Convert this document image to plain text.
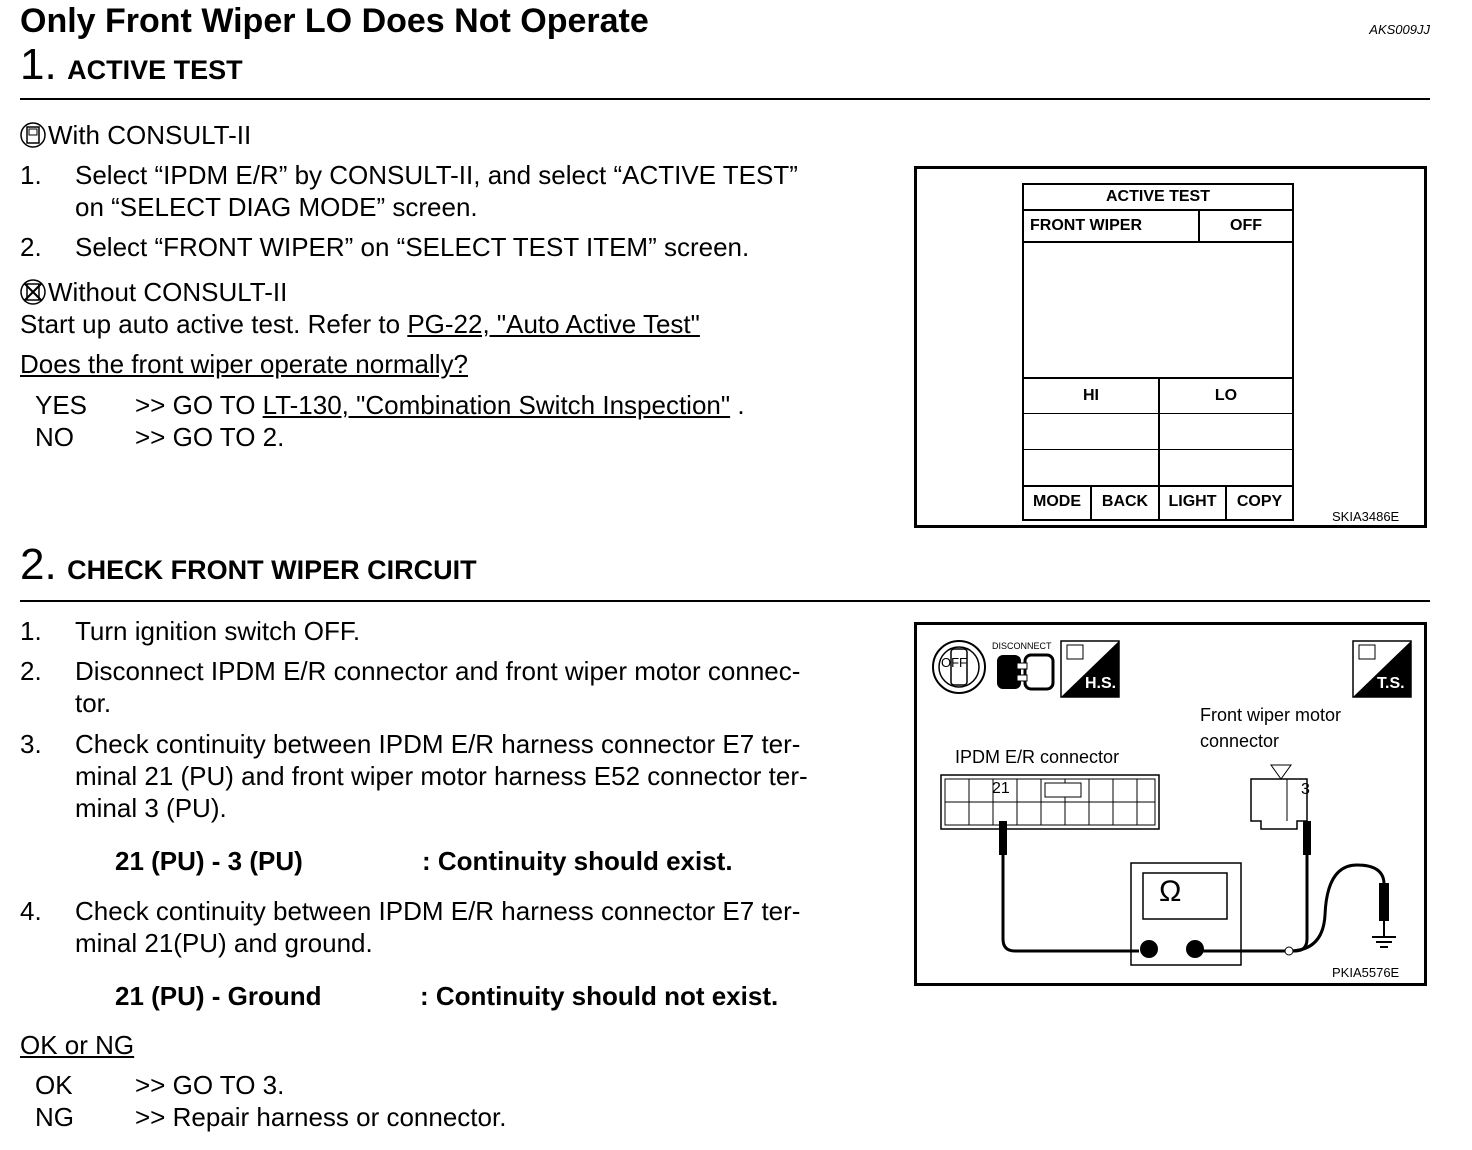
Only Front Wiper LO Does Not Operate	AKS009JJ
1. ACTIVE TEST
With CONSULT-II
1. Select “IPDM E/R” by CONSULT-II, and select “ACTIVE TEST”
on “SELECT DIAG MODE” screen.
2. Select “FRONT WIPER” on “SELECT TEST ITEM” screen.
Without CONSULT-II
Start up auto active test. Refer to PG-22, "Auto Active Test"
Does the front wiper operate normally?
YES >> GO TO LT-130, "Combination Switch Inspection" .
NO >> GO TO 2.
ACTIVE TEST
FRONT WIPER	OFF
HI	LO
MODE	BACK	LIGHT	COPY
SKIA3486E
2. CHECK FRONT WIPER CIRCUIT
1. Turn ignition switch OFF.
2. Disconnect IPDM E/R connector and front wiper motor connec-
tor.
3. Check continuity between IPDM E/R harness connector E7 ter-
minal 21 (PU) and front wiper motor harness E52 connector ter-
minal 3 (PU).
21 (PU) - 3 (PU)	: Continuity should exist.
4. Check continuity between IPDM E/R harness connector E7 ter-
minal 21(PU) and ground.
21 (PU) - Ground	: Continuity should not exist.
OK or NG
OK >> GO TO 3.
NG >> Repair harness or connector.
OFF
DISCONNECT
H.S.	T.S.
Front wiper motor
connector
IPDM E/R connector
21	3
Ω
PKIA5576E
